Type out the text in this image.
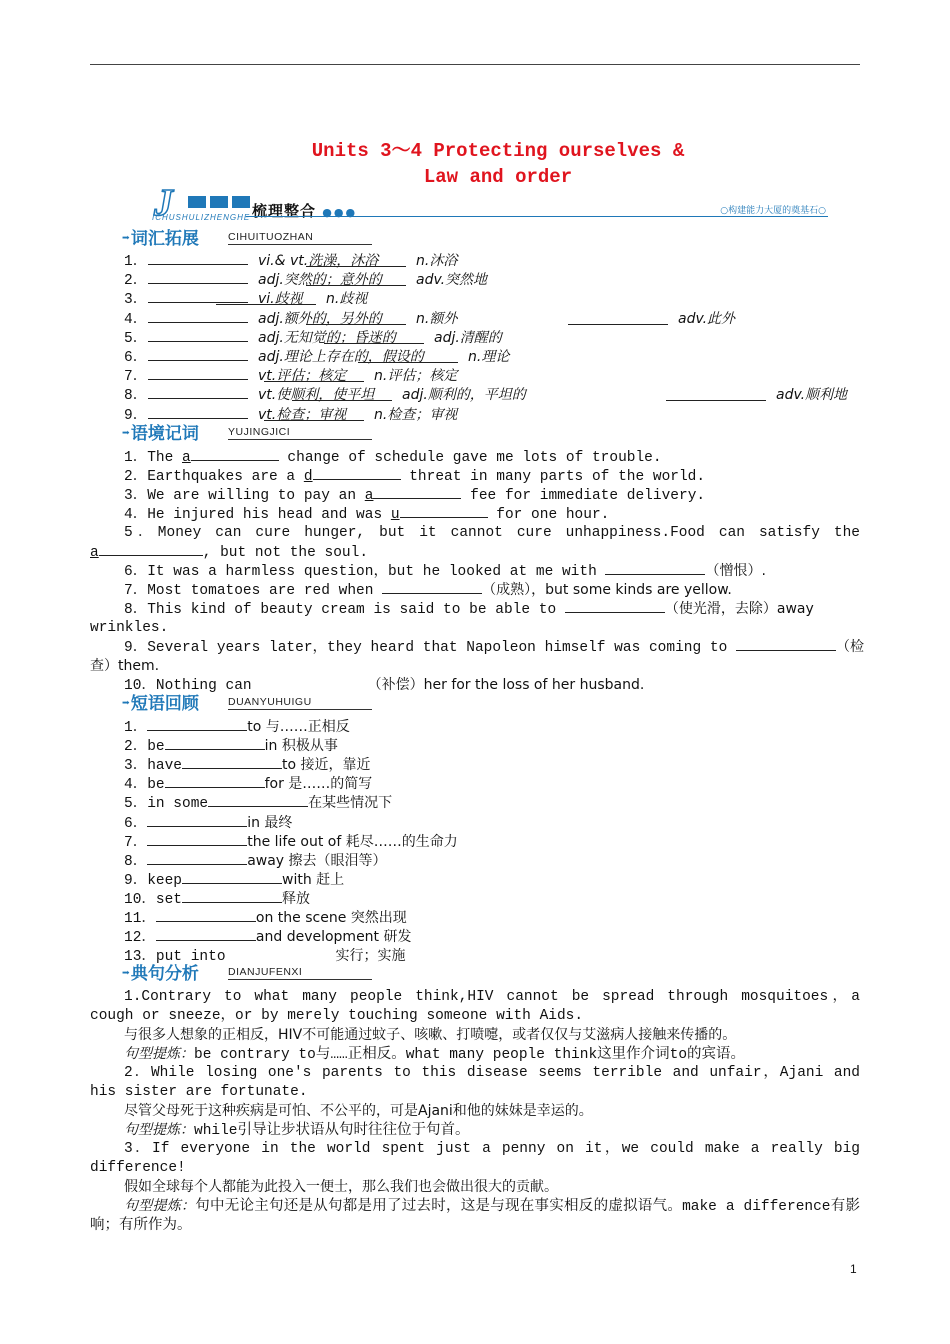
Units 3～4 Protecting ourselves &
Law and order
J	梳理整合 ●●●
ICHUSHULIZHENGHE
○构建能力大厦的奠基石○
➡词汇拓展	CIHUITUOZHAN
1．	vi.& vt.洗澡，沐浴	n.沐浴
2．	adj.突然的；意外的 adv.突然地
3．	vi.歧视 n.歧视
4．	adj.额外的，另外的 n.额外	adv.此外
5．	adj.无知觉的；昏迷的	adj.清醒的
6．	adj.理论上存在的，假设的	n.理论
7．	vt.评估；核定 n.评估；核定
8．	vt.使顺利，使平坦 adj.顺利的，平坦的	adv.顺利地
9．	vt.检查；审视 n.检查；审视
➡语境记词	YUJINGJICI
1．The a	change of schedule gave me lots of trouble.
2．Earthquakes are a d	threat in many parts of the world.
3．We are willing to pay an a	fee for immediate delivery.
4．He injured his head and was u	for one hour.
5．Money can cure hunger, but it cannot cure unhappiness.Food can satisfy the
a	, but not the soul.
6．It was a harmless question，but he looked at me with	（憎恨）.
7．Most tomatoes are red when	（成熟），but some kinds are yellow.
8．This kind of beauty cream is said to be able to	（使光滑，去除）away
wrinkles.
9．Several years later，they heard that Napoleon himself was coming to	（检
查）them.
10．Nothing can	（补偿）her for the loss of her husband.
➡短语回顾	DUANYUHUIGU
1．	to 与……正相反
2．be	in 积极从事
3．have	to 接近，靠近
4．be	for 是……的简写
5．in some	在某些情况下
6．	in 最终
7．	the life out of 耗尽……的生命力
8．	away 擦去（眼泪等）
9．keep	with 赶上
10．set	释放
11．	on the scene 突然出现
12．	and development 研发
13．put into	实行；实施
➡典句分析	DIANJUFENXI
1.Contrary to what many people think,HIV cannot be spread through mosquitoes，a cough or sneeze，or by merely touching someone with Aids.
与很多人想象的正相反，HIV不可能通过蚊子、咳嗽、打喷嚏，或者仅仅与艾滋病人接触来传播的。
句型提炼：be contrary to与……正相反。what many people think这里作介词to的宾语。
2．While losing one's parents to this disease seems terrible and unfair，Ajani and his sister are fortunate.
尽管父母死于这种疾病是可怕、不公平的，可是Ajani和他的妹妹是幸运的。
句型提炼：while引导让步状语从句时往往位于句首。
3．If everyone in the world spent just a penny on it，we could make a really big difference!
假如全球每个人都能为此投入一便士，那么我们也会做出很大的贡献。
句型提炼：句中无论主句还是从句都是用了过去时，这是与现在事实相反的虚拟语气。make a difference有影响；有所作为。
1
